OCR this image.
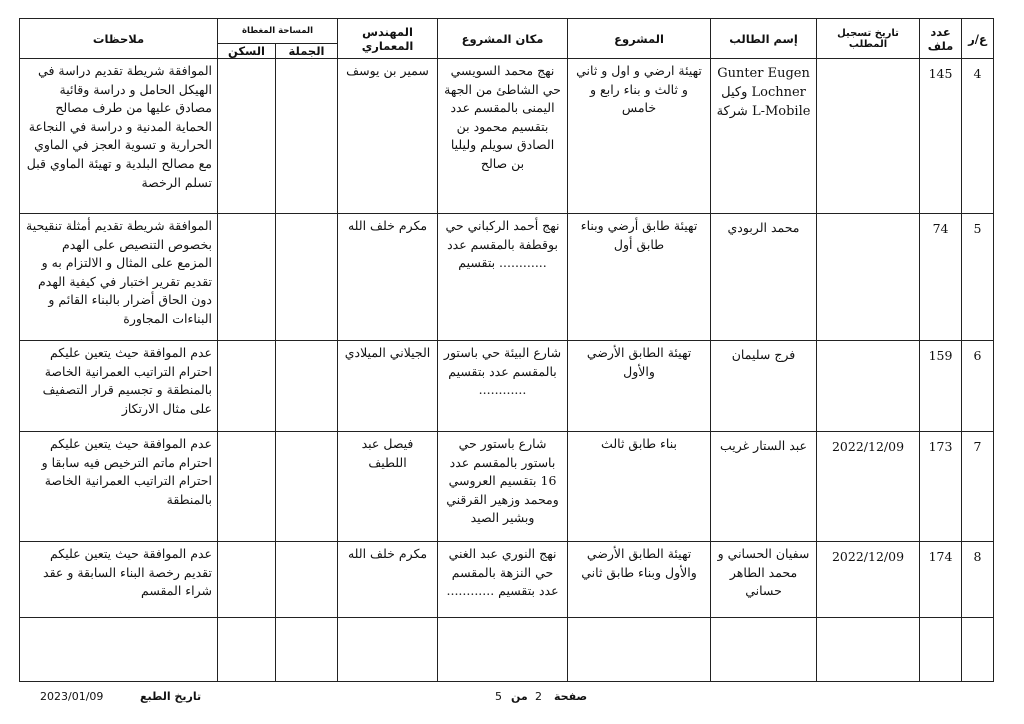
ع/ر	عدد ملف	تاريخ تسجيل المطلب	إسم الطالب	المشروع	مكان المشروع	المهندس المعماري	المساحة المغطاة		ملاحظات
							الجملة	السكن	
4	145		Gunter Eugen Lochner وكيل L-Mobile شركة	تهيئة ارضي و اول و ثاني و ثالث و بناء رابع و خامس	نهج محمد السويسي حي الشاطئ من الجهة اليمنى بالمقسم عدد بتقسيم محمود بن الصادق سويلم وليليا بن صالح	سمير بن يوسف			الموافقة شريطة تقديم دراسة في الهيكل الحامل و دراسة وقائية مصادق عليها من طرف مصالح الحماية المدنية و دراسة في النجاعة الحرارية و تسوية العجز في الماوي مع مصالح البلدية و تهيئة الماوي قبل تسلم الرخصة
5	74		محمد الربودي	تهيئة طابق أرضي وبناء طابق أول	نهج أحمد الركباني حي بوقطفة بالمقسم عدد ............ بتقسيم	مكرم خلف الله			الموافقة شريطة تقديم أمثلة تنقيحية بخصوص التنصيص على الهدم المزمع على المثال و الالتزام به و تقديم تقرير اختبار في كيفية الهدم دون الحاق أضرار بالبناء القائم و البناءات المجاورة
6	159		فرج سليمان	تهيئة الطابق الأرضي والأول	شارع البيئة حي باستور بالمقسم عدد بتقسيم ............	الجيلاني الميلادي			عدم الموافقة حيث يتعين عليكم احترام التراتيب العمرانية الخاصة بالمنطقة و تجسيم قرار التصفيف على مثال الارتكاز
7	173	2022/12/09	عبد الستار غريب	بناء طابق ثالث	شارع باستور حي باستور بالمقسم عدد 16 بتقسيم العروسي ومحمد وزهير القرقني وبشير الصيد	فيصل عبد اللطيف			عدم الموافقة حيث يتعين عليكم احترام ماتم الترخيص فيه سابقا و احترام التراتيب العمرانية الخاصة بالمنطقة
8	174	2022/12/09	سفيان الحساني و محمد الطاهر حساني	تهيئة الطابق الأرضي والأول وبناء طابق ثاني	نهج النوري عبد الغني حي النزهة بالمقسم عدد بتقسيم ............	مكرم خلف الله			عدم الموافقة حيث يتعين عليكم تقديم رخصة البناء السابقة و عقد شراء المقسم

2023/01/09	تاريخ الطبع	5 من 2 صفحة
